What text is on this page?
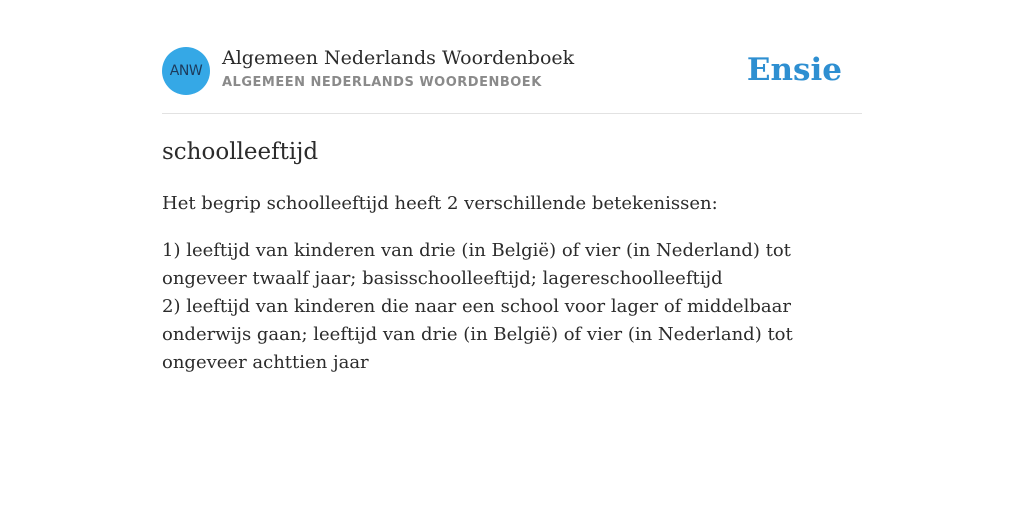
ANW
Algemeen Nederlands Woordenboek
ALGEMEEN NEDERLANDS WOORDENBOEK	Ensie
schoolleeftijd

Het begrip schoolleeftijd heeft 2 verschillende betekenissen:

1) leeftijd van kinderen van drie (in België) of vier (in Nederland) tot ongeveer twaalf jaar; basisschoolleeftijd; lagereschoolleeftijd
2) leeftijd van kinderen die naar een school voor lager of middelbaar onderwijs gaan; leeftijd van drie (in België) of vier (in Nederland) tot ongeveer achttien jaar
